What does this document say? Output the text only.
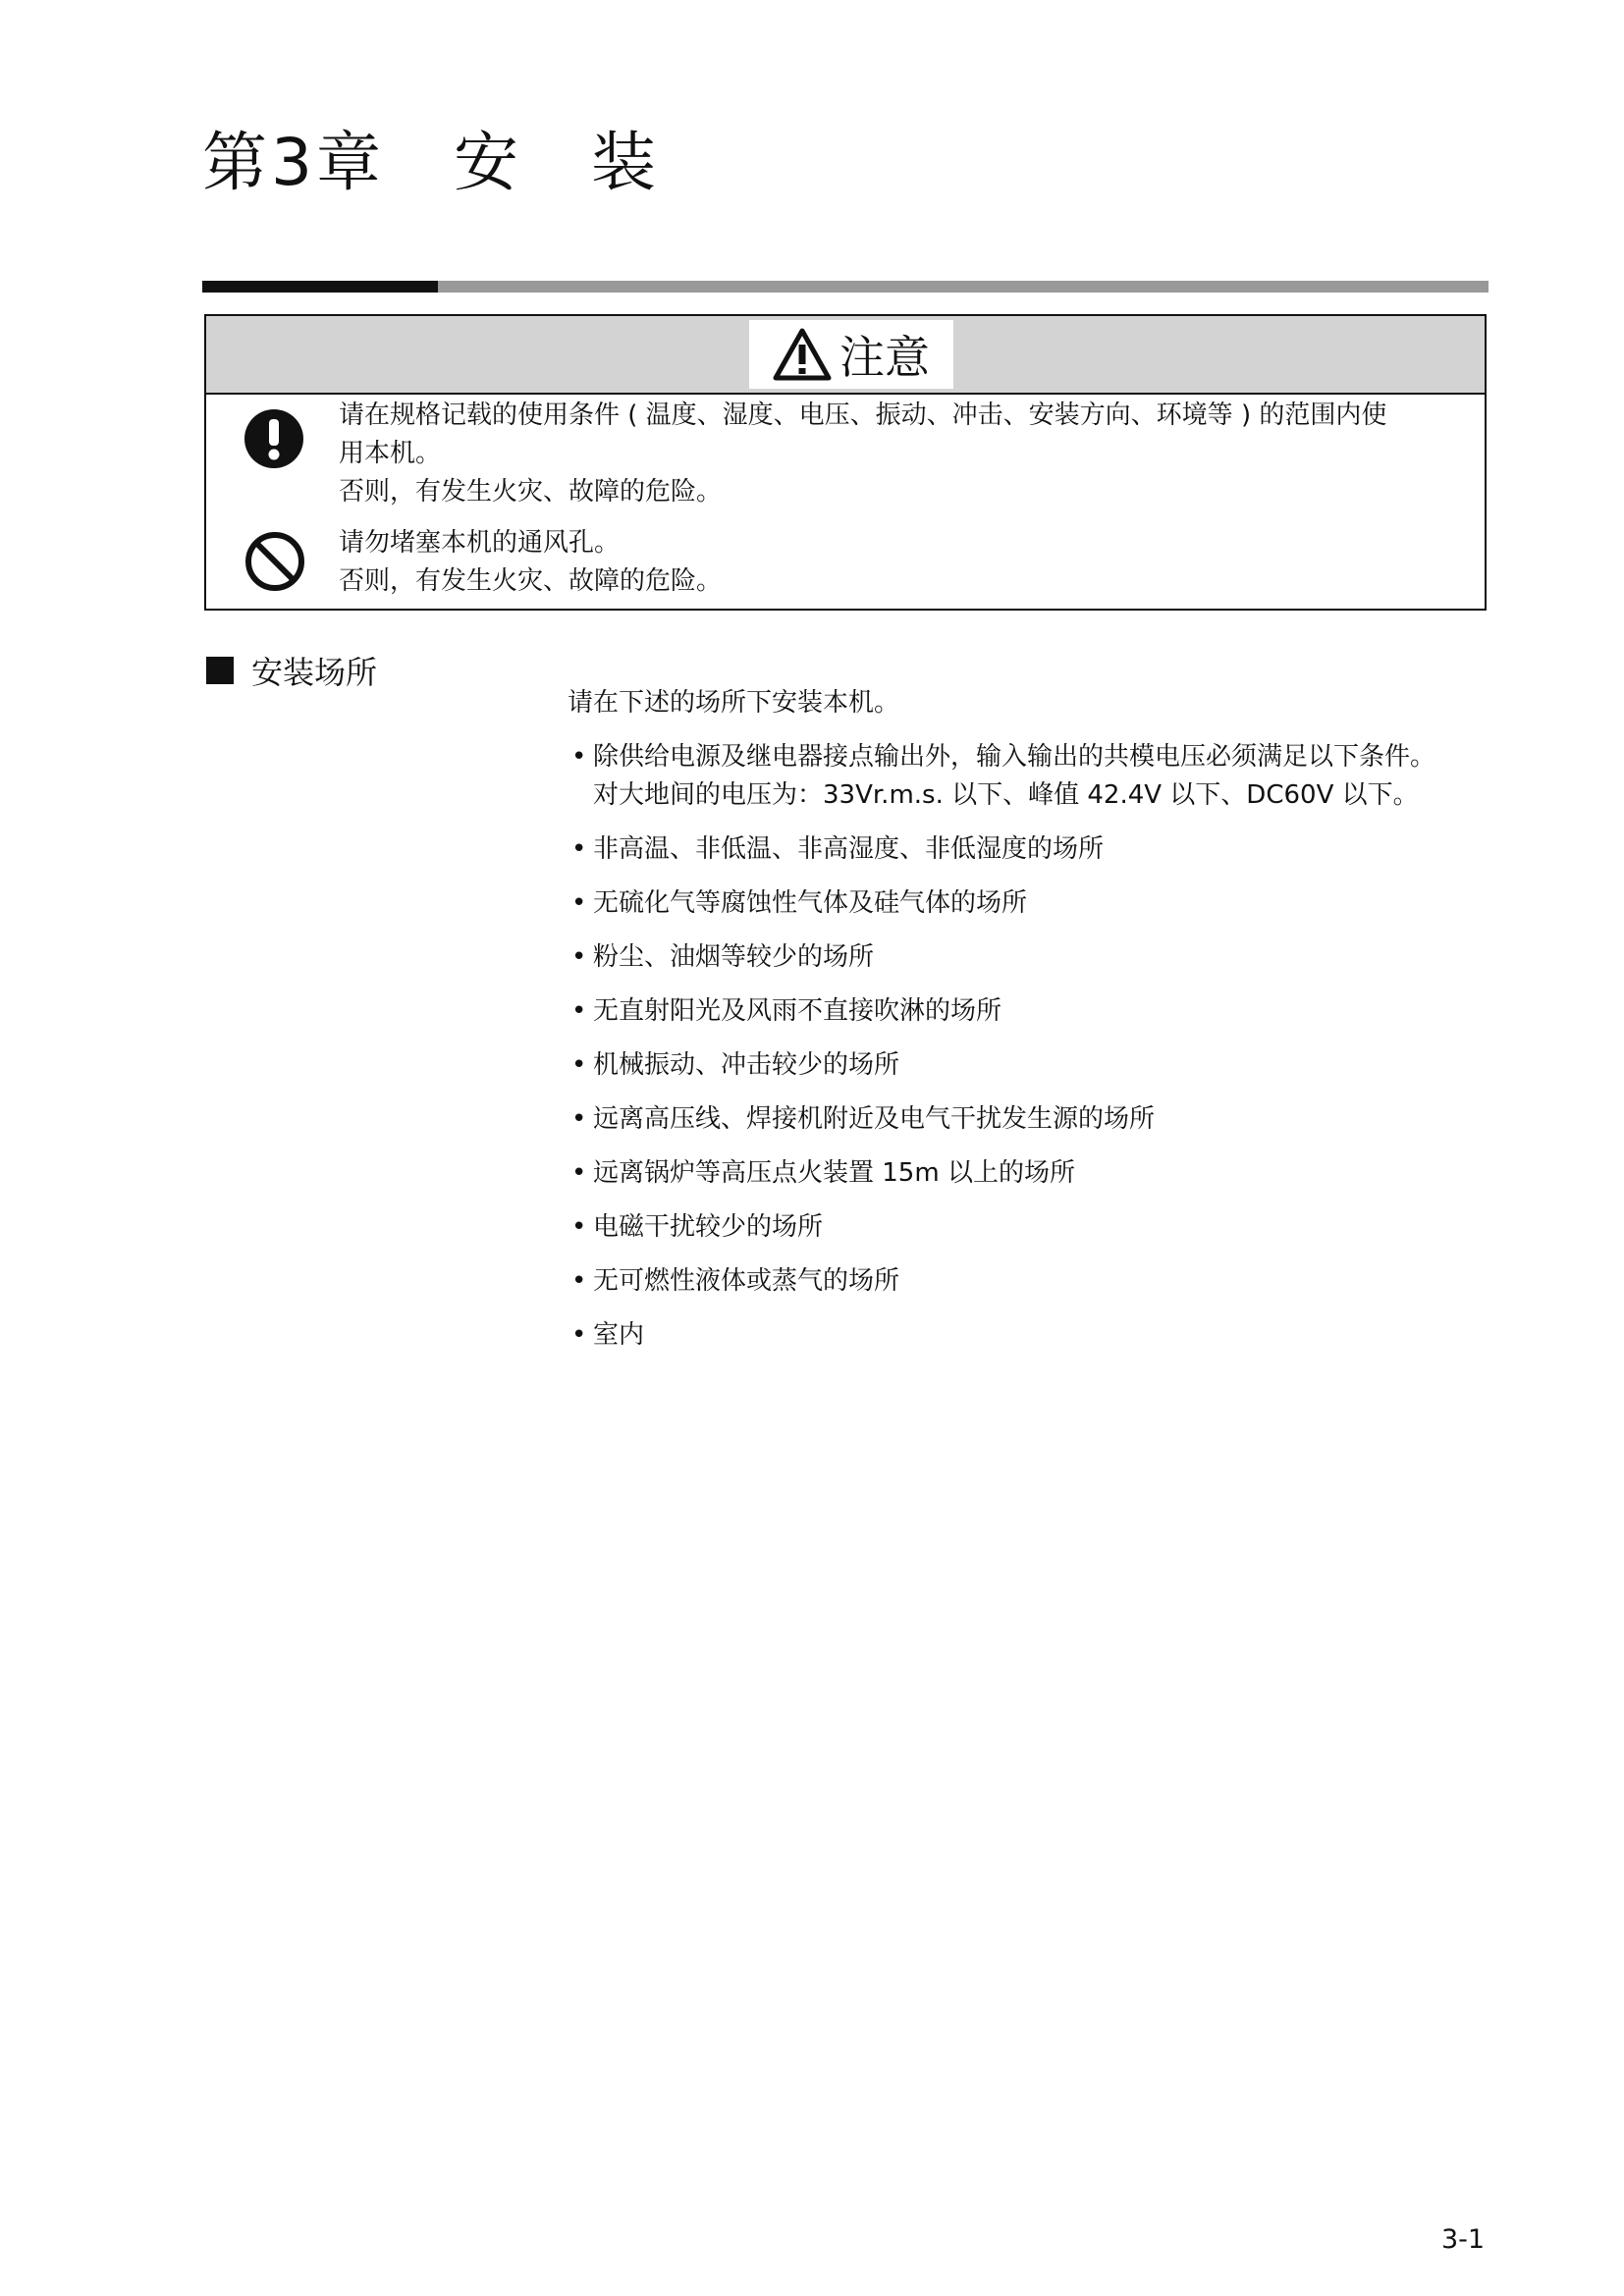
第3章　安　装
注意

请在规格记载的使用条件 ( 温度、湿度、电压、振动、冲击、安装方向、环境等 ) 的范围内使

用本机。

否则，有发生火灾、故障的危险。

请勿堵塞本机的通风孔。

否则，有发生火灾、故障的危险。

安装场所

请在下述的场所下安装本机。

• 除供给电源及继电器接点输出外，输入输出的共模电压必须满足以下条件。
对大地间的电压为：33Vr.m.s. 以下、峰值 42.4V 以下、DC60V 以下。
• 非高温、非低温、非高湿度、非低湿度的场所
• 无硫化气等腐蚀性气体及硅气体的场所
• 粉尘、油烟等较少的场所
• 无直射阳光及风雨不直接吹淋的场所
• 机械振动、冲击较少的场所
• 远离高压线、焊接机附近及电气干扰发生源的场所
• 远离锅炉等高压点火装置 15m 以上的场所
• 电磁干扰较少的场所
• 无可燃性液体或蒸气的场所
• 室内
3-1
